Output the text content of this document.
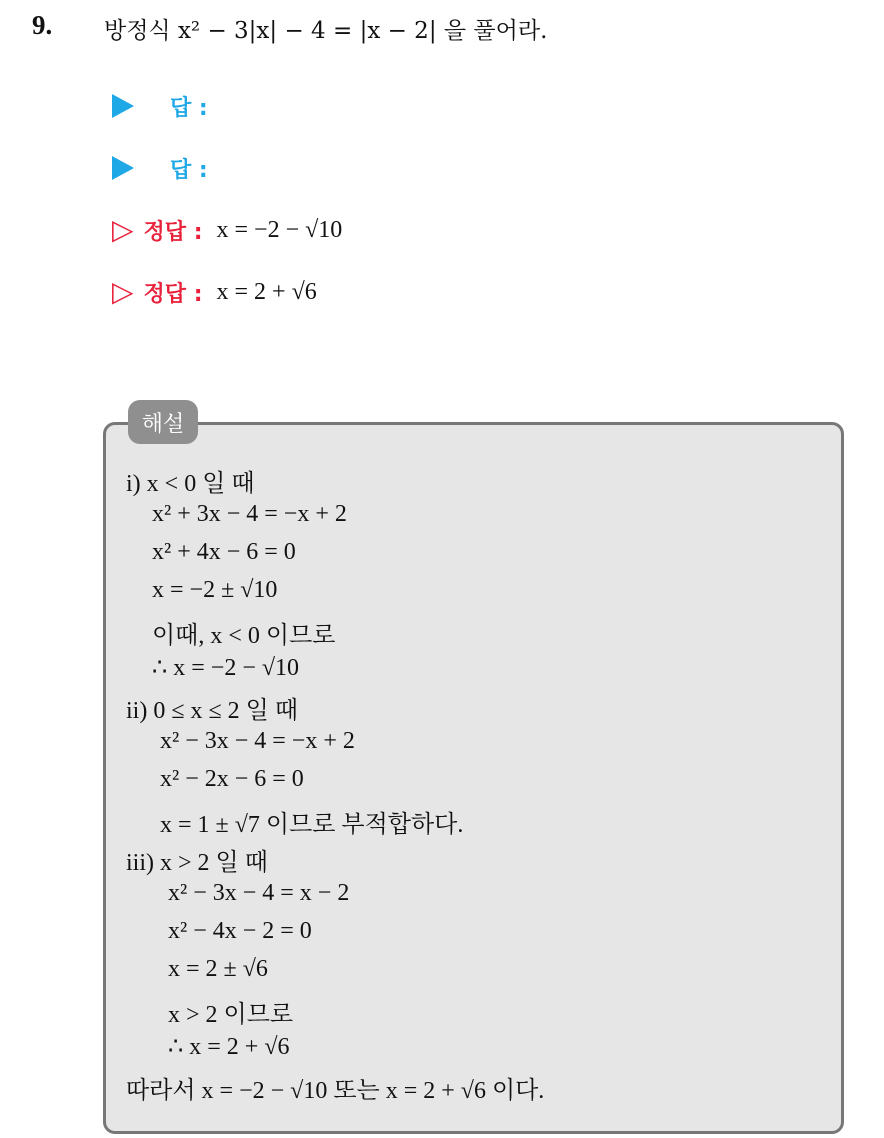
9. 방정식 x² − 3|x| − 4 = |x − 2| 을 풀어라.
답 :
답 :
▷ 정답 : x = −2 − √10
▷ 정답 : x = 2 + √6
해설
i) x < 0 일 때
x² + 3x − 4 = −x + 2
x² + 4x − 6 = 0
x = −2 ± √10
이때, x < 0 이므로
∴ x = −2 − √10
ii) 0 ≤ x ≤ 2 일 때
x² − 3x − 4 = −x + 2
x² − 2x − 6 = 0
x = 1 ± √7 이므로 부적합하다.
iii) x > 2 일 때
x² − 3x − 4 = x − 2
x² − 4x − 2 = 0
x = 2 ± √6
x > 2 이므로
∴ x = 2 + √6
따라서 x = −2 − √10 또는 x = 2 + √6 이다.
